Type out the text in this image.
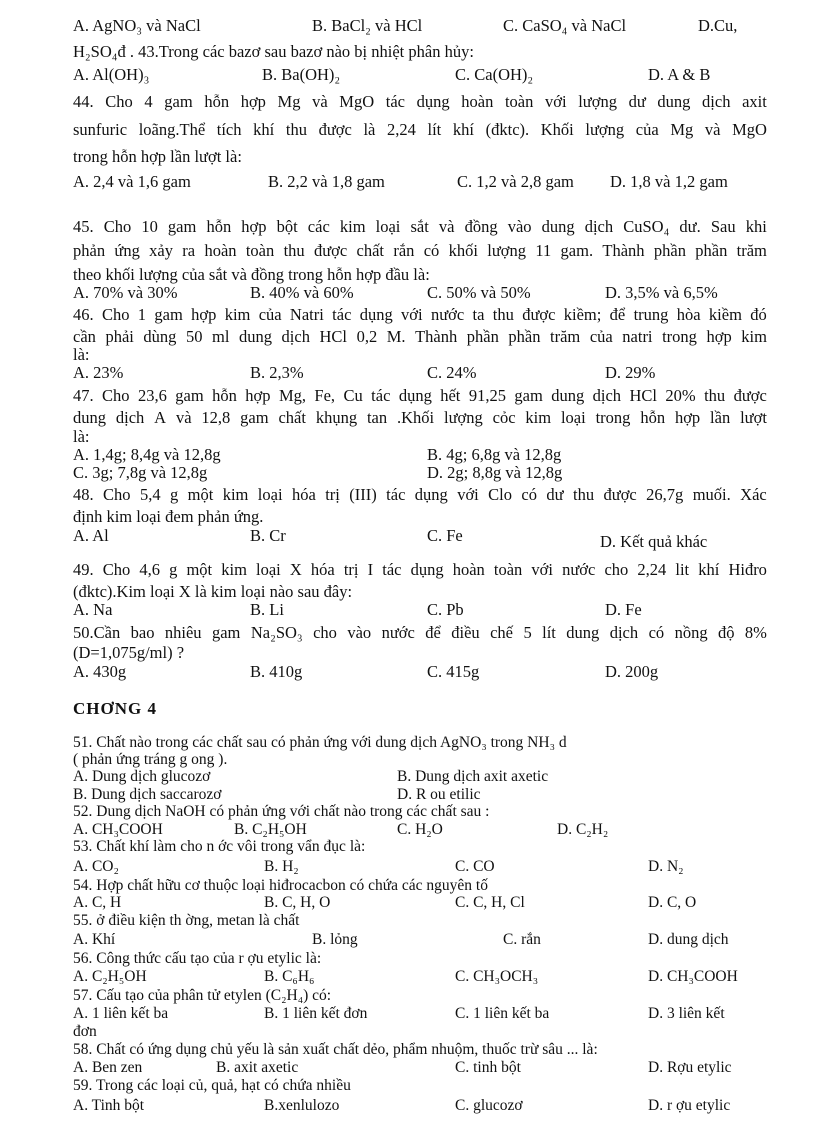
A. AgNO₃ và NaCl	B. BaCl₂ và HCl	C. CaSO₄ và NaCl	D.Cu,
H₂SO₄đ . 43.Trong các bazơ sau bazơ nào bị nhiệt phân hủy:
A. Al(OH)₃	B. Ba(OH)₂	C. Ca(OH)₂	D. A & B
44. Cho 4 gam hỗn hợp Mg và MgO tác dụng hoàn toàn với lượng dư dung dịch axit
sunfuric loãng.Thể tích khí thu được là 2,24 lít khí (đktc). Khối lượng của Mg và MgO
trong hỗn hợp lần lượt là:
A. 2,4 và 1,6 gam	B. 2,2 và 1,8 gam	C. 1,2 và 2,8 gam D. 1,8 và 1,2 gam
45. Cho 10 gam hỗn hợp bột các kim loại sắt và đồng vào dung dịch CuSO₄ dư. Sau khi
phản ứng xảy ra hoàn toàn thu được chất rắn có khối lượng 11 gam. Thành phần phần trăm
theo khối lượng của sắt và đồng trong hỗn hợp đầu là:
A. 70% và 30%	B. 40% và 60%	C. 50% và 50%	D. 3,5% và 6,5%
46. Cho 1 gam hợp kim của Natri tác dụng với nước ta thu được kiềm; để trung hòa kiềm đó
cần phải dùng 50 ml dung dịch HCl 0,2 M. Thành phần phần trăm của natri trong hợp kim
là:
A. 23%	B. 2,3%	C. 24%	D. 29%
47. Cho 23,6 gam hỗn hợp Mg, Fe, Cu tác dụng hết 91,25 gam dung dịch HCl 20% thu được
dung dịch A và 12,8 gam chất khụng tan .Khối lượng cỏc kim loại trong hỗn hợp lần lượt
là:
A. 1,4g; 8,4g và 12,8g	B. 4g; 6,8g và 12,8g
C. 3g; 7,8g và 12,8g	D. 2g; 8,8g và 12,8g
48. Cho 5,4 g một kim loại hóa trị (III) tác dụng với Clo có dư thu được 26,7g muối. Xác
định kim loại đem phản ứng.
A. Al	B. Cr	C. Fe	D. Kết quả khác
49. Cho 4,6 g một kim loại X hóa trị I tác dụng hoàn toàn với nước cho 2,24 lit khí Hiđro
(đktc).Kim loại X là kim loại nào sau đây:
A. Na	B. Li	C. Pb	D. Fe
50.Cần bao nhiêu gam Na₂SO₃ cho vào nước để điều chế 5 lít dung dịch có nồng độ 8%
(D=1,075g/ml) ?
A. 430g	B. 410g	C. 415g	D. 200g
CHƠNG 4
51. Chất nào trong các chất sau có phản ứng với dung dịch AgNO₃ trong NH₃ d
( phản ứng tráng g ong ).
A. Dung dịch glucozơ	B. Dung dịch axit axetic
B. Dung dịch saccarozơ	D. R ou etilic
52. Dung dịch NaOH có phản ứng với chất nào trong các chất sau :
A. CH₃COOH	B. C₂H₅OH	C. H₂O	D. C₂H₂
53. Chất khí làm cho n ớc vôi trong vẩn đục là:
A. CO₂	B. H₂	C. CO	D. N₂
54. Hợp chất hữu cơ thuộc loại hiđrocacbon có chứa các nguyên tố
A. C, H	B. C, H, O	C. C, H, Cl	D. C, O
55. ở điều kiện th ờng, metan là chất
A. Khí	B. lỏng	C. rắn	D. dung dịch
56. Công thức cấu tạo của r ợu etylic là:
A. C₂H₅OH	B. C₆H₆	C. CH₃OCH₃	D. CH₃COOH
57. Cấu tạo của phân tử etylen (C₂H₄) có:
A. 1 liên kết ba	B. 1 liên kết đơn	C. 1 liên kết ba	D. 3 liên kết
đơn
58. Chất có ứng dụng chủ yếu là sản xuất chất dẻo, phẩm nhuộm, thuốc trừ sâu ... là:
A. Ben zen	B. axit axetic	C. tinh bột	D. Rợu etylic
59. Trong các loại củ, quả, hạt có chứa nhiều
A. Tinh bột	B.xenlulozo	C. glucozơ	D. r ợu etylic
